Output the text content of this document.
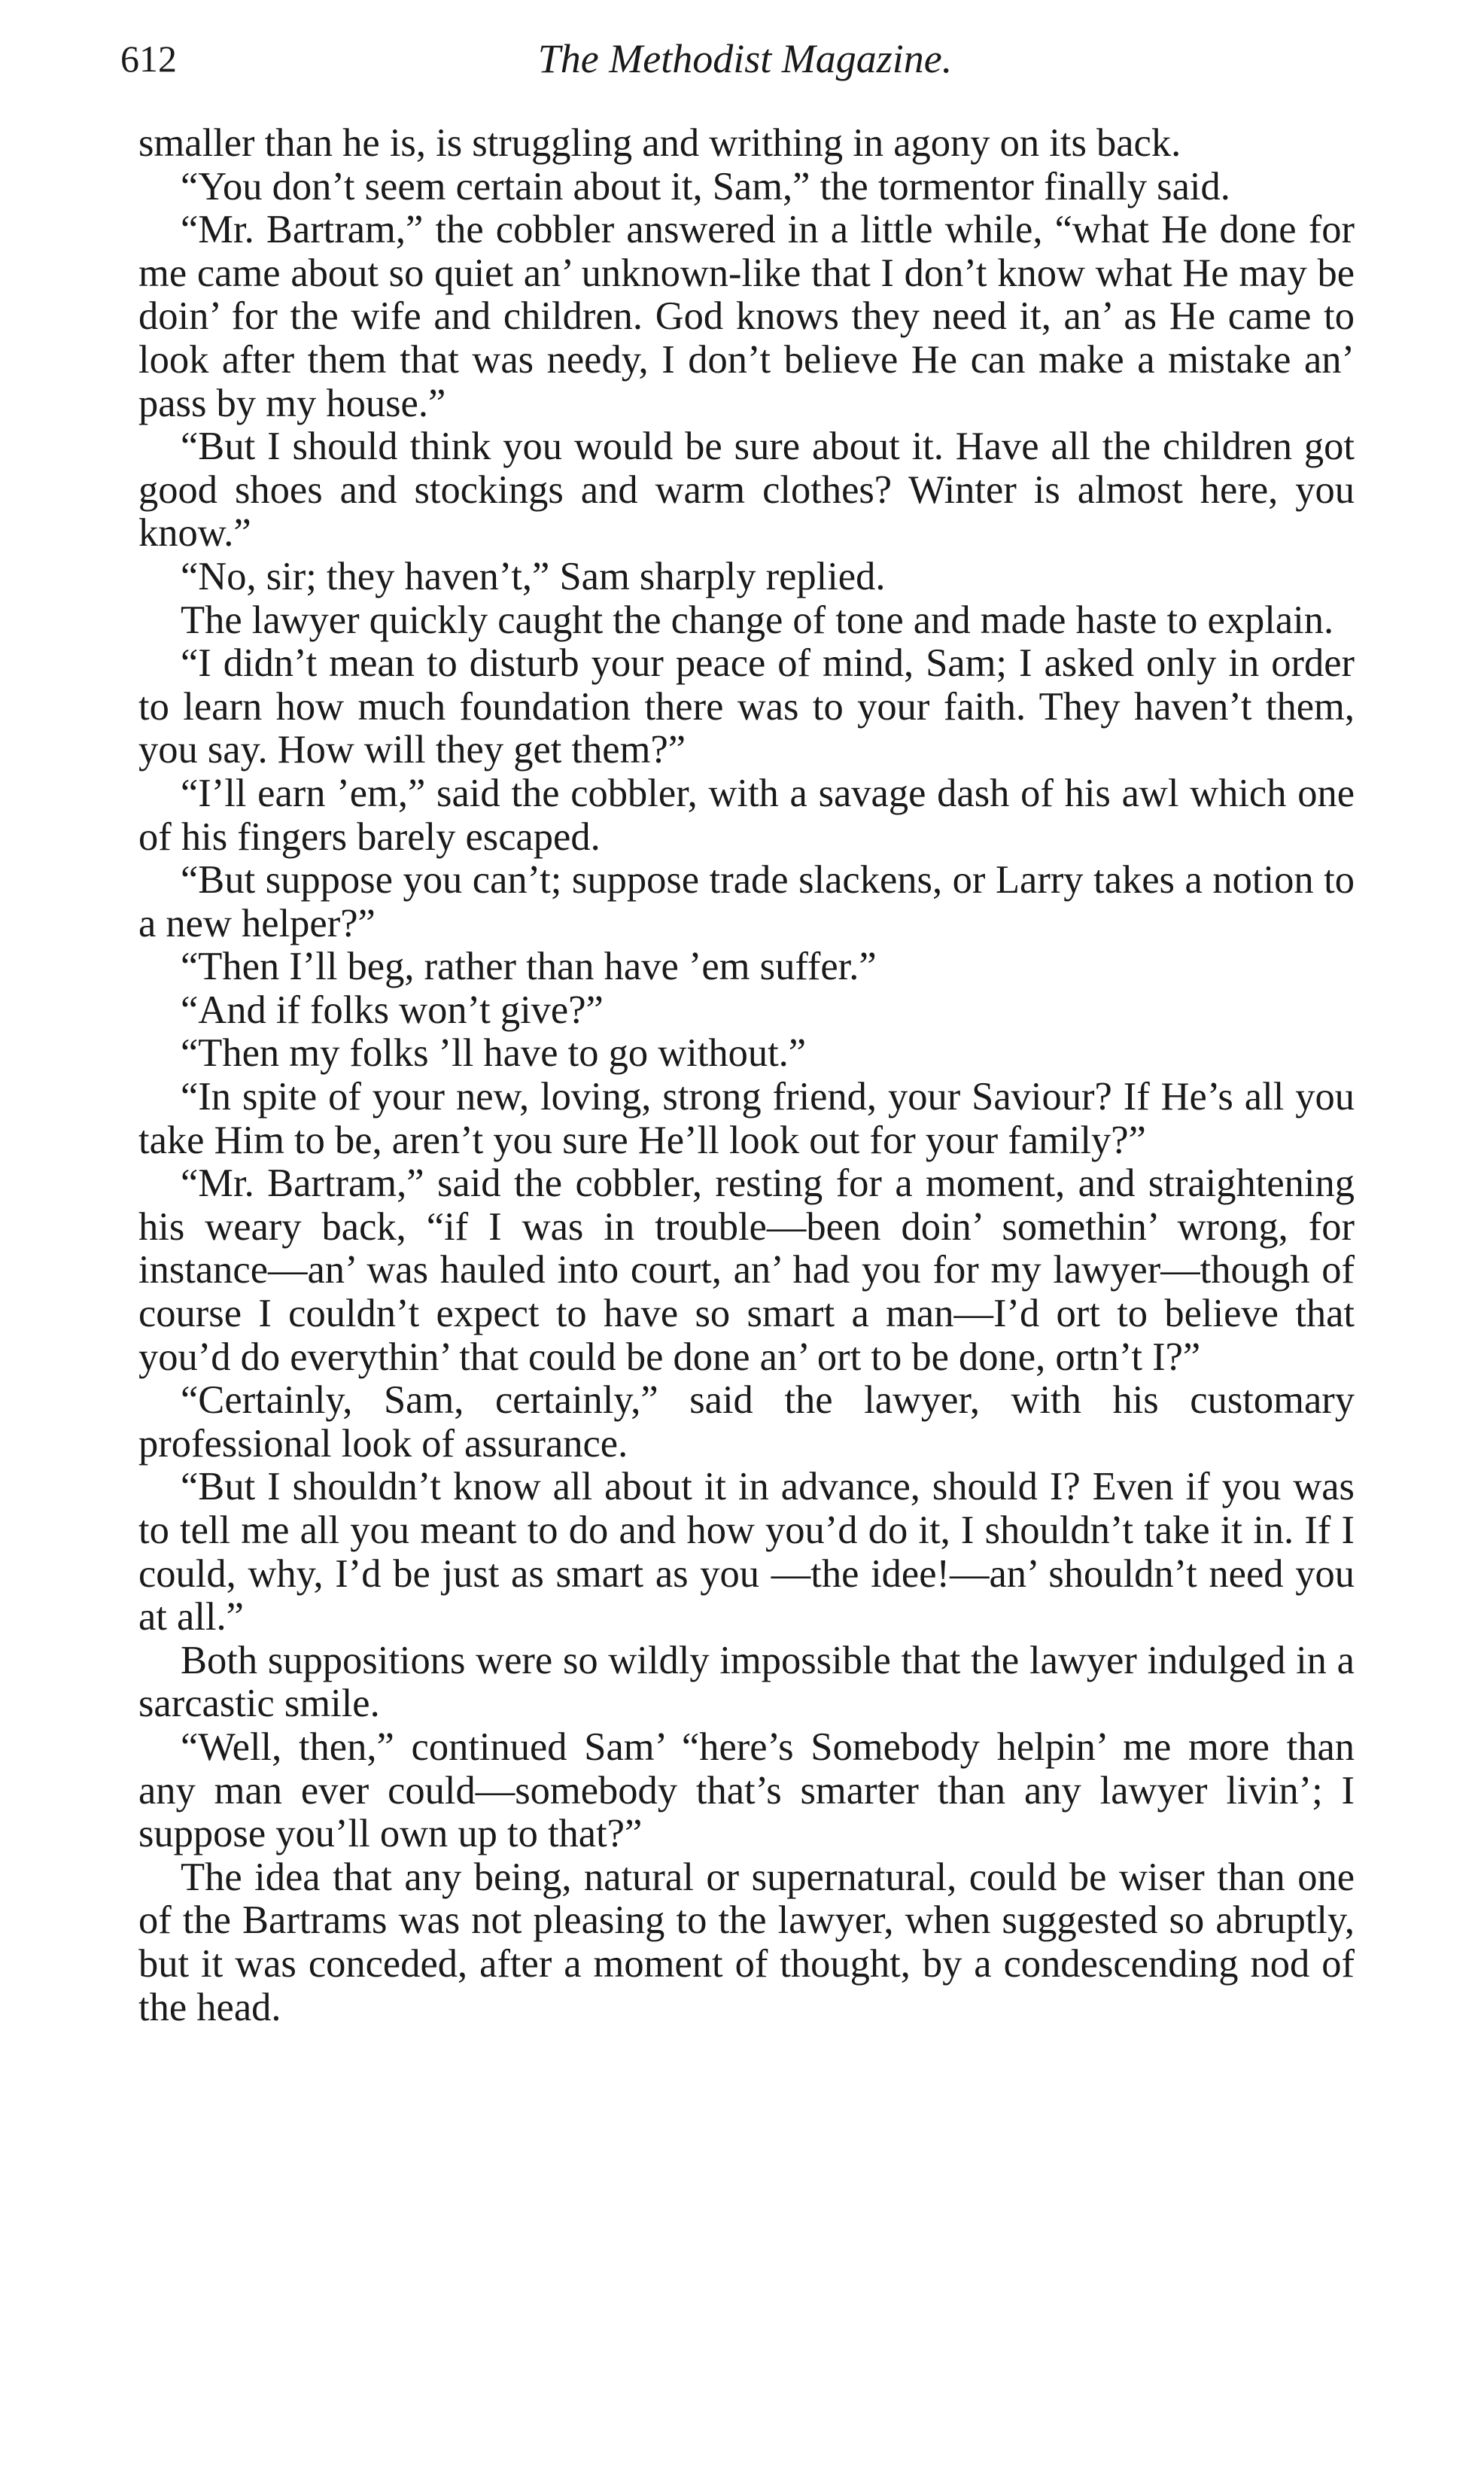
612	The Methodist Magazine.

smaller than he is, is struggling and writhing in agony on its back.

“You don’t seem certain about it, Sam,” the tormentor finally said.

“Mr. Bartram,” the cobbler answered in a little while, “what He done for me came about so quiet an’ unknown-like that I don’t know what He may be doin’ for the wife and children. God knows they need it, an’ as He came to look after them that was needy, I don’t believe He can make a mistake an’ pass by my house.”

“But I should think you would be sure about it. Have all the children got good shoes and stockings and warm clothes? Winter is almost here, you know.”

“No, sir; they haven’t,” Sam sharply replied.

The lawyer quickly caught the change of tone and made haste to explain.

“I didn’t mean to disturb your peace of mind, Sam; I asked only in order to learn how much foundation there was to your faith. They haven’t them, you say. How will they get them?”

“I’ll earn ’em,” said the cobbler, with a savage dash of his awl which one of his fingers barely escaped.

“But suppose you can’t; suppose trade slackens, or Larry takes a notion to a new helper?”

“Then I’ll beg, rather than have ’em suffer.”

“And if folks won’t give?”

“Then my folks ’ll have to go without.”

“In spite of your new, loving, strong friend, your Saviour? If He’s all you take Him to be, aren’t you sure He’ll look out for your family?”

“Mr. Bartram,” said the cobbler, resting for a moment, and straightening his weary back, “if I was in trouble—been doin’ somethin’ wrong, for instance—an’ was hauled into court, an’ had you for my lawyer—though of course I couldn’t expect to have so smart a man—I’d ort to believe that you’d do everythin’ that could be done an’ ort to be done, ortn’t I?”

“Certainly, Sam, certainly,” said the lawyer, with his customary professional look of assurance.

“But I shouldn’t know all about it in advance, should I? Even if you was to tell me all you meant to do and how you’d do it, I shouldn’t take it in. If I could, why, I’d be just as smart as you —the idee!—an’ shouldn’t need you at all.”

Both suppositions were so wildly impossible that the lawyer indulged in a sarcastic smile.

“Well, then,” continued Sam’ “here’s Somebody helpin’ me more than any man ever could—somebody that’s smarter than any lawyer livin’; I suppose you’ll own up to that?”

The idea that any being, natural or supernatural, could be wiser than one of the Bartrams was not pleasing to the lawyer, when suggested so abruptly, but it was conceded, after a moment of thought, by a condescending nod of the head.
